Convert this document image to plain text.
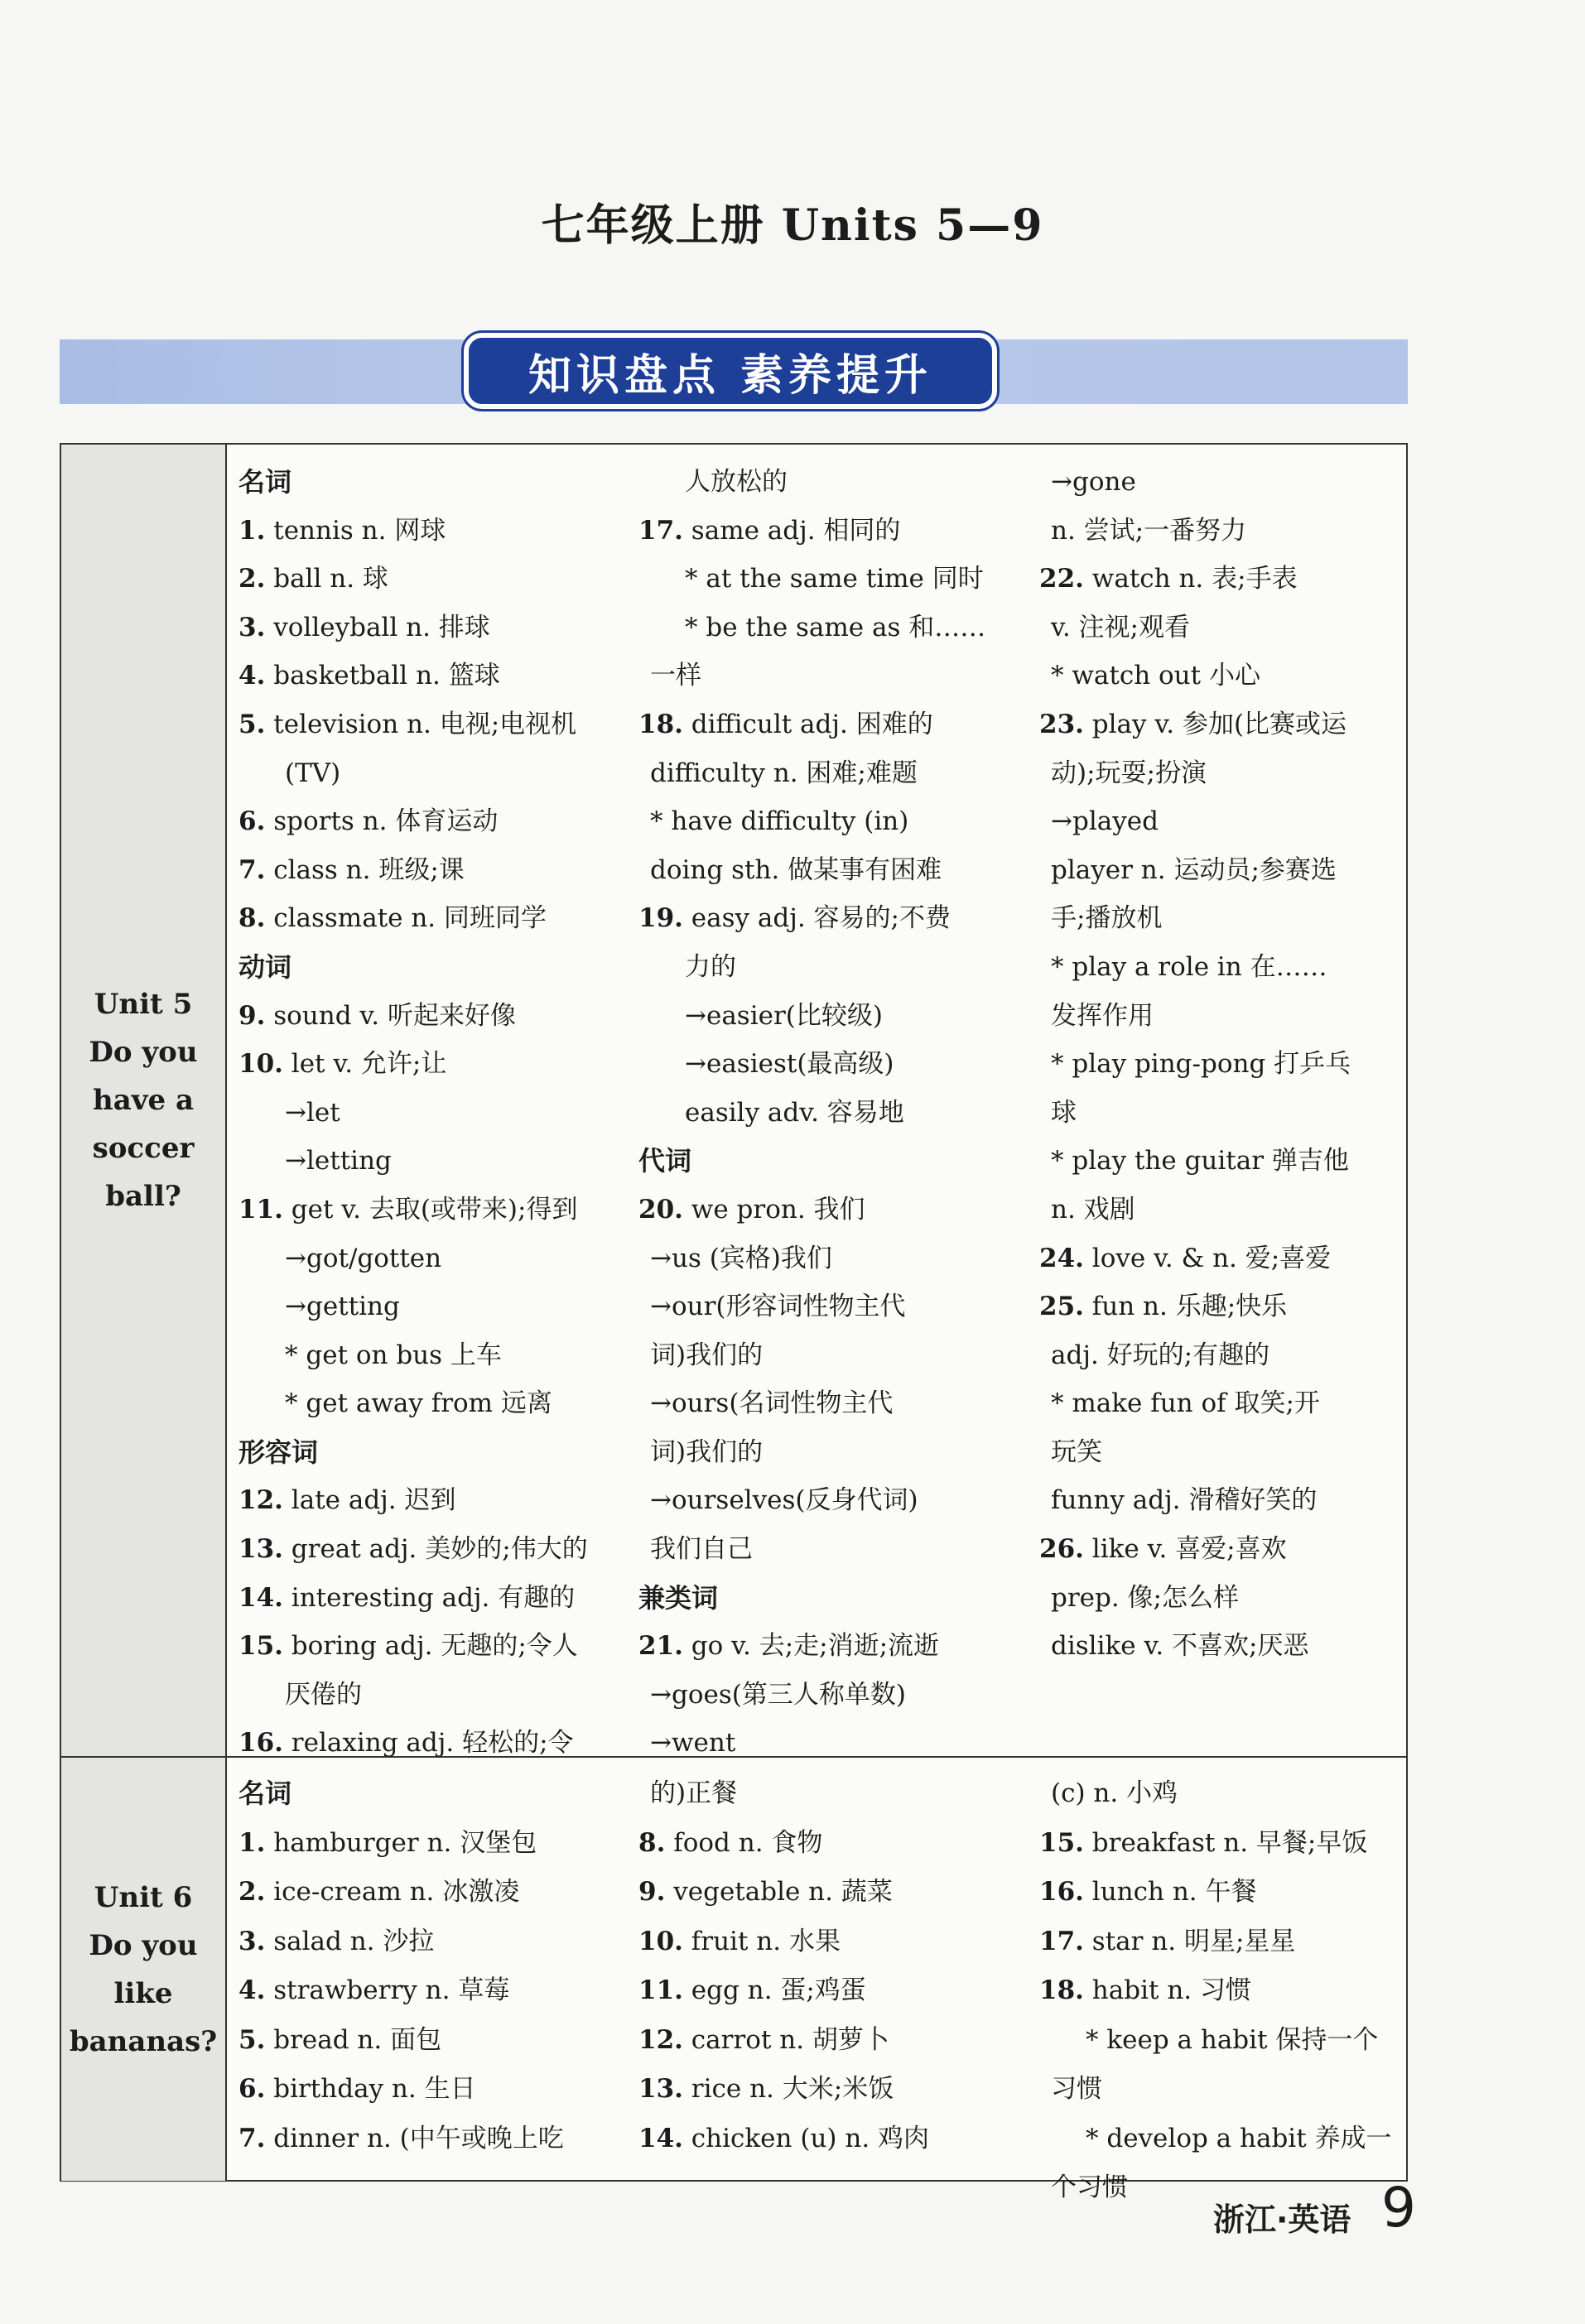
七年级上册 Units 5—9
知识盘点 素养提升
Unit 5
Do you
have a
soccer
ball?
名词
1. tennis n. 网球
2. ball n. 球
3. volleyball n. 排球
4. basketball n. 篮球
5. television n. 电视;电视机
(TV)
6. sports n. 体育运动
7. class n. 班级;课
8. classmate n. 同班同学
动词
9. sound v. 听起来好像
10. let v. 允许;让
→let
→letting
11. get v. 去取(或带来);得到
→got/gotten
→getting
* get on bus 上车
* get away from 远离
形容词
12. late adj. 迟到
13. great adj. 美妙的;伟大的
14. interesting adj. 有趣的
15. boring adj. 无趣的;令人
厌倦的
16. relaxing adj. 轻松的;令
人放松的
17. same adj. 相同的
* at the same time 同时
* be the same as 和……
一样
18. difficult adj. 困难的
difficulty n. 困难;难题
* have difficulty (in)
doing sth. 做某事有困难
19. easy adj. 容易的;不费
力的
→easier(比较级)
→easiest(最高级)
easily adv. 容易地
代词
20. we pron. 我们
→us (宾格)我们
→our(形容词性物主代
词)我们的
→ours(名词性物主代
词)我们的
→ourselves(反身代词)
我们自己
兼类词
21. go v. 去;走;消逝;流逝
→goes(第三人称单数)
→went
→gone
n. 尝试;一番努力
22. watch n. 表;手表
v. 注视;观看
* watch out 小心
23. play v. 参加(比赛或运
动);玩耍;扮演
→played
player n. 运动员;参赛选
手;播放机
* play a role in 在……
发挥作用
* play ping-pong 打乒乓
球
* play the guitar 弹吉他
n. 戏剧
24. love v. & n. 爱;喜爱
25. fun n. 乐趣;快乐
adj. 好玩的;有趣的
* make fun of 取笑;开
玩笑
funny adj. 滑稽好笑的
26. like v. 喜爱;喜欢
prep. 像;怎么样
dislike v. 不喜欢;厌恶
Unit 6
Do you
like
bananas?
名词
1. hamburger n. 汉堡包
2. ice-cream n. 冰激凌
3. salad n. 沙拉
4. strawberry n. 草莓
5. bread n. 面包
6. birthday n. 生日
7. dinner n. (中午或晚上吃
的)正餐
8. food n. 食物
9. vegetable n. 蔬菜
10. fruit n. 水果
11. egg n. 蛋;鸡蛋
12. carrot n. 胡萝卜
13. rice n. 大米;米饭
14. chicken (u) n. 鸡肉
(c) n. 小鸡
15. breakfast n. 早餐;早饭
16. lunch n. 午餐
17. star n. 明星;星星
18. habit n. 习惯
* keep a habit 保持一个
习惯
* develop a habit 养成一
个习惯
浙江·英语 9
